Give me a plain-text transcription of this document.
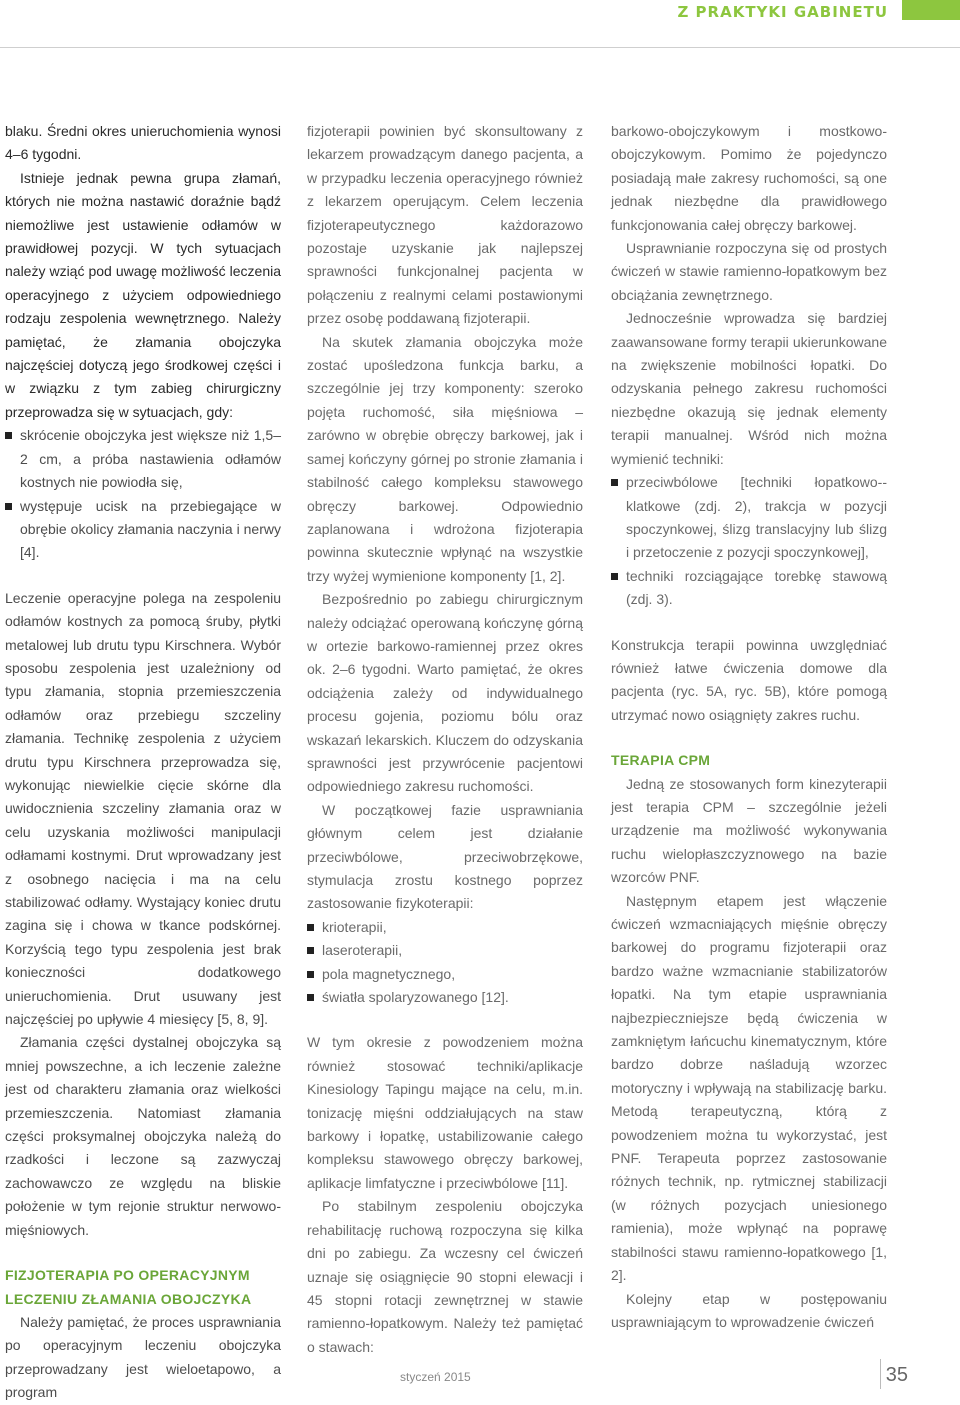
Z PRAKTYKI GABINETU

blaku. Średni okres unieruchomienia wynosi 4–6 tygodni.

Istnieje jednak pewna grupa złamań, których nie można nastawić doraźnie bądź niemożliwe jest ustawienie odłamów w prawidłowej pozycji. W tych sytuacjach należy wziąć pod uwagę możliwość leczenia operacyjnego z użyciem odpowiedniego rodzaju zespolenia wewnętrznego. Należy pamiętać, że złamania obojczyka najczęściej dotyczą jego środkowej części i w związku z tym zabieg chirurgiczny przeprowadza się w sytuacjach, gdy:

skrócenie obojczyka jest większe niż 1,5–2 cm, a próba nastawienia odłamów kostnych nie powiodła się,
występuje ucisk na przebiegające w obrębie okolicy złamania naczynia i nerwy [4].

Leczenie operacyjne polega na zespoleniu odłamów kostnych za pomocą śruby, płytki metalowej lub drutu typu Kirschnera. Wybór sposobu zespolenia jest uzależniony od typu złamania, stopnia przemieszczenia odłamów oraz przebiegu szczeliny złamania. Technikę zespolenia z użyciem drutu typu Kirschnera przeprowadza się, wykonując niewielkie cięcie skórne dla uwidocznienia szczeliny złamania oraz w celu uzyskania możliwości manipulacji odłamami kostnymi. Drut wprowadzany jest z osobnego nacięcia i ma na celu stabilizować odłamy. Wystający koniec drutu zagina się i chowa w tkance podskórnej. Korzyścią tego typu zespolenia jest brak konieczności dodatkowego unieruchomienia. Drut usuwany jest najczęściej po upływie 4 miesięcy [5, 8, 9].

Złamania części dystalnej obojczyka są mniej powszechne, a ich leczenie zależne jest od charakteru złamania oraz wielkości przemieszczenia. Natomiast złamania części proksymalnej obojczyka należą do rzadkości i leczone są zazwyczaj zachowawczo ze względu na bliskie położenie w tym rejonie struktur nerwowo-mięśniowych.

FIZJOTERAPIA PO OPERACYJNYM
LECZENIU ZŁAMANIA OBOJCZYKA

Należy pamiętać, że proces usprawniania po operacyjnym leczeniu obojczyka przeprowadzany jest wieloetapowo, a program

fizjoterapii powinien być skonsultowany z lekarzem prowadzącym danego pacjenta, a w przypadku leczenia operacyjnego również z lekarzem operującym. Celem leczenia fizjoterapeutycznego każdorazowo pozostaje uzyskanie jak najlepszej sprawności funkcjonalnej pacjenta w połączeniu z realnymi celami postawionymi przez osobę poddawaną fizjoterapii.

Na skutek złamania obojczyka może zostać upośledzona funkcja barku, a szczególnie jej trzy komponenty: szeroko pojęta ruchomość, siła mięśniowa – zarówno w obrębie obręczy barkowej, jak i samej kończyny górnej po stronie złamania i stabilność całego kompleksu stawowego obręczy barkowej. Odpowiednio zaplanowana i wdrożona fizjoterapia powinna skutecznie wpłynąć na wszystkie trzy wyżej wymienione komponenty [1, 2].

Bezpośrednio po zabiegu chirurgicznym należy odciążać operowaną kończynę górną w ortezie barkowo-ramiennej przez okres ok. 2–6 tygodni. Warto pamiętać, że okres odciążenia zależy od indywidualnego procesu gojenia, poziomu bólu oraz wskazań lekarskich. Kluczem do odzyskania sprawności jest przywrócenie pacjentowi odpowiedniego zakresu ruchomości.

W początkowej fazie usprawniania głównym celem jest działanie przeciwbólowe, przeciwobrzękowe, stymulacja zrostu kostnego poprzez zastosowanie fizykoterapii:

krioterapii,
laseroterapii,
pola magnetycznego,
światła spolaryzowanego [12].

W tym okresie z powodzeniem można również stosować techniki/aplikacje Kinesiology Tapingu mające na celu, m.in. tonizację mięśni oddziałujących na staw barkowy i łopatkę, ustabilizowanie całego kompleksu stawowego obręczy barkowej, aplikacje limfatyczne i przeciwbólowe [11].

Po stabilnym zespoleniu obojczyka rehabilitację ruchową rozpoczyna się kilka dni po zabiegu. Za wczesny cel ćwiczeń uznaje się osiągnięcie 90 stopni elewacji i 45 stopni rotacji zewnętrznej w stawie ramienno-łopatkowym. Należy też pamiętać o stawach:

barkowo-obojczykowym i mostkowo-obojczykowym. Pomimo że pojedynczo posiadają małe zakresy ruchomości, są one jednak niezbędne dla prawidłowego funkcjonowania całej obręczy barkowej.

Usprawnianie rozpoczyna się od prostych ćwiczeń w stawie ramienno-łopatkowym bez obciążania zewnętrznego.

Jednocześnie wprowadza się bardziej zaawansowane formy terapii ukierunkowane na zwiększenie mobilności łopatki. Do odzyskania pełnego zakresu ruchomości niezbędne okazują się jednak elementy terapii manualnej. Wśród nich można wymienić techniki:

przeciwbólowe [techniki łopatkowo--klatkowe (zdj. 2), trakcja w pozycji spoczynkowej, ślizg translacyjny lub ślizg i przetoczenie z pozycji spoczynkowej],
techniki rozciągające torebkę stawową (zdj. 3).

Konstrukcja terapii powinna uwzględniać również łatwe ćwiczenia domowe dla pacjenta (ryc. 5A, ryc. 5B), które pomogą utrzymać nowo osiągnięty zakres ruchu.

TERAPIA CPM

Jedną ze stosowanych form kinezyterapii jest terapia CPM – szczególnie jeżeli urządzenie ma możliwość wykonywania ruchu wielopłaszczyznowego na bazie wzorców PNF.

Następnym etapem jest włączenie ćwiczeń wzmacniających mięśnie obręczy barkowej do programu fizjoterapii oraz bardzo ważne wzmacnianie stabilizatorów łopatki. Na tym etapie usprawniania najbezpieczniejsze będą ćwiczenia w zamkniętym łańcuchu kinematycznym, które bardzo dobrze naśladują wzorzec motoryczny i wpływają na stabilizację barku. Metodą terapeutyczną, którą z powodzeniem można tu wykorzystać, jest PNF. Terapeuta poprzez zastosowanie różnych technik, np. rytmicznej stabilizacji (w różnych pozycjach uniesionego ramienia), może wpłynąć na poprawę stabilności stawu ramienno-łopatkowego [1, 2].

Kolejny etap w postępowaniu usprawniającym to wprowadzenie ćwiczeń

styczeń 2015	35
